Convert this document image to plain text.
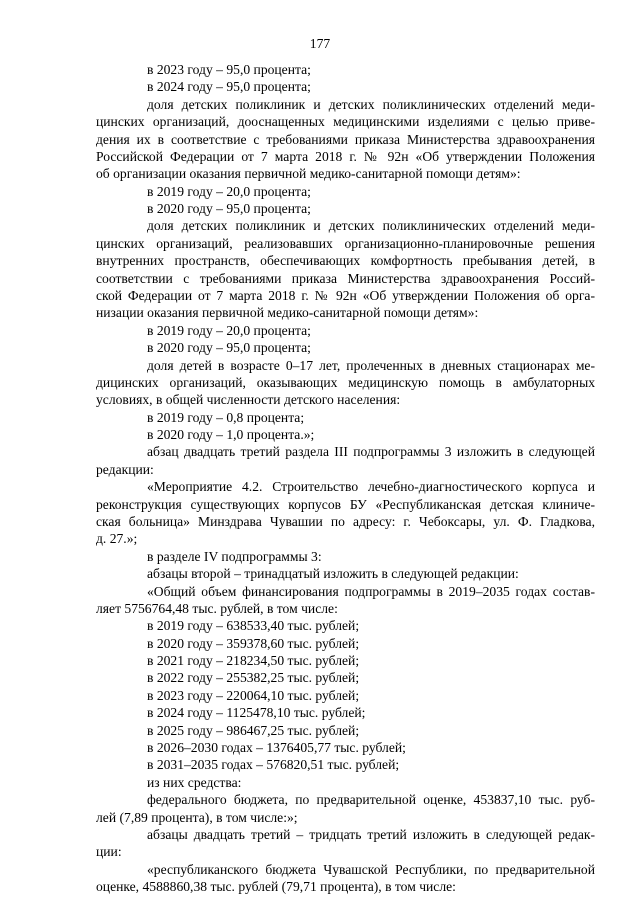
177
в 2023 году – 95,0 процента;
в 2024 году – 95,0 процента;
доля детских поликлиник и детских поликлинических отделений меди-
цинских организаций, дооснащенных медицинскими изделиями с целью приве-
дения их в соответствие с требованиями приказа Министерства здравоохранения
Российской Федерации от 7 марта 2018 г. № 92н «Об утверждении Положения
об организации оказания первичной медико-санитарной помощи детям»:
в 2019 году – 20,0 процента;
в 2020 году – 95,0 процента;
доля детских поликлиник и детских поликлинических отделений меди-
цинских организаций, реализовавших организационно-планировочные решения
внутренних пространств, обеспечивающих комфортность пребывания детей, в
соответствии с требованиями приказа Министерства здравоохранения Россий-
ской Федерации от 7 марта 2018 г. № 92н «Об утверждении Положения об орга-
низации оказания первичной медико-санитарной помощи детям»:
в 2019 году – 20,0 процента;
в 2020 году – 95,0 процента;
доля детей в возрасте 0–17 лет, пролеченных в дневных стационарах ме-
дицинских организаций, оказывающих медицинскую помощь в амбулаторных
условиях, в общей численности детского населения:
в 2019 году – 0,8 процента;
в 2020 году – 1,0 процента.»;
абзац двадцать третий раздела III подпрограммы 3 изложить в следующей
редакции:
«Мероприятие 4.2. Строительство лечебно-диагностического корпуса и
реконструкция существующих корпусов БУ «Республиканская детская клиниче-
ская больница» Минздрава Чувашии по адресу: г. Чебоксары, ул. Ф. Гладкова,
д. 27.»;
в разделе IV подпрограммы 3:
абзацы второй – тринадцатый изложить в следующей редакции:
«Общий объем финансирования подпрограммы в 2019–2035 годах состав-
ляет 5756764,48 тыс. рублей, в том числе:
в 2019 году – 638533,40 тыс. рублей;
в 2020 году – 359378,60 тыс. рублей;
в 2021 году – 218234,50 тыс. рублей;
в 2022 году – 255382,25 тыс. рублей;
в 2023 году – 220064,10 тыс. рублей;
в 2024 году – 1125478,10 тыс. рублей;
в 2025 году – 986467,25 тыс. рублей;
в 2026–2030 годах – 1376405,77 тыс. рублей;
в 2031–2035 годах – 576820,51 тыс. рублей;
из них средства:
федерального бюджета, по предварительной оценке, 453837,10 тыс. руб-
лей (7,89 процента), в том числе:»;
абзацы двадцать третий – тридцать третий изложить в следующей редак-
ции:
«республиканского бюджета Чувашской Республики, по предварительной
оценке, 4588860,38 тыс. рублей (79,71 процента), в том числе:
